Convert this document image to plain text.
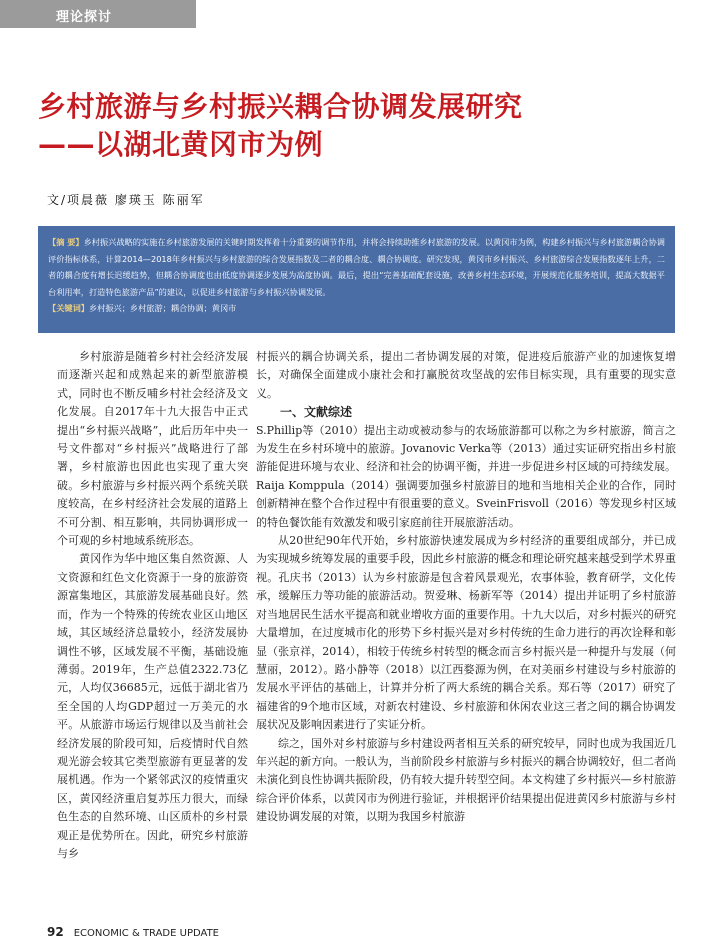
理论探讨
乡村旅游与乡村振兴耦合协调发展研究
——以湖北黄冈市为例
文/项晨薇 廖瑛玉 陈丽军

【摘 要】乡村振兴战略的实施在乡村旅游发展的关键时期发挥着十分重要的调节作用，并将会持续助推乡村旅游的发展。以黄冈市为例，构建乡村振兴与乡村旅游耦合协调评价指标体系，计算2014—2018年乡村振兴与乡村旅游的综合发展指数及二者的耦合度、耦合协调度。研究发现，黄冈市乡村振兴、乡村旅游综合发展指数逐年上升，二者的耦合度有增长迟缓趋势，但耦合协调度也由低度协调逐步发展为高度协调。最后，提出“完善基础配套设施，改善乡村生态环境，开展规范化服务培训，提高大数据平台利用率，打造特色旅游产品”的建议，以促进乡村旅游与乡村振兴协调发展。

【关键词】乡村振兴；乡村旅游；耦合协调；黄冈市

乡村旅游是随着乡村社会经济发展而逐渐兴起和成熟起来的新型旅游模式，同时也不断反哺乡村社会经济及文化发展。自2017年十九大报告中正式提出“乡村振兴战略”，此后历年中央一号文件都对“乡村振兴”战略进行了部署，乡村旅游也因此也实现了重大突破。乡村旅游与乡村振兴两个系统关联度较高，在乡村经济社会发展的道路上不可分割、相互影响，共同协调形成一个可观的乡村地域系统形态。

黄冈作为华中地区集自然资源、人文资源和红色文化资源于一身的旅游资源富集地区，其旅游发展基础良好。然而，作为一个特殊的传统农业区山地区域，其区域经济总量较小，经济发展协调性不够，区域发展不平衡，基础设施薄弱。2019年，生产总值2322.73亿元，人均仅36685元，远低于湖北省乃至全国的人均GDP超过一万美元的水平。从旅游市场运行规律以及当前社会经济发展的阶段可知，后疫情时代自然观光游会较其它类型旅游有更显著的发展机遇。作为一个紧邻武汉的疫情重灾区，黄冈经济重启复苏压力很大，而绿色生态的自然环境、山区质朴的乡村景观正是优势所在。因此，研究乡村旅游与乡

村振兴的耦合协调关系，提出二者协调发展的对策，促进疫后旅游产业的加速恢复增长，对确保全面建成小康社会和打赢脱贫攻坚战的宏伟目标实现，具有重要的现实意义。

一、文献综述

S.Phillip等（2010）提出主动或被动参与的农场旅游都可以称之为乡村旅游，简言之为发生在乡村环境中的旅游。Jovanovic Verka等（2013）通过实证研究指出乡村旅游能促进环境与农业、经济和社会的协调平衡，并进一步促进乡村区域的可持续发展。Raija Komppula（2014）强调要加强乡村旅游目的地和当地相关企业的合作，同时创新精神在整个合作过程中有很重要的意义。SveinFrisvoll（2016）等发现乡村区域的特色餐饮能有效激发和吸引家庭前往开展旅游活动。

从20世纪90年代开始，乡村旅游快速发展成为乡村经济的重要组成部分，并已成为实现城乡统筹发展的重要手段，因此乡村旅游的概念和理论研究越来越受到学术界重视。孔庆书（2013）认为乡村旅游是包含着风景观光，农事体验，教育研学，文化传承，缓解压力等功能的旅游活动。贺爱琳、杨新军等（2014）提出并证明了乡村旅游对当地居民生活水平提高和就业增收方面的重要作用。十九大以后，对乡村振兴的研究大量增加，在过度城市化的形势下乡村振兴是对乡村传统的生命力进行的再次诠释和彰显（张京祥，2014），相较于传统乡村转型的概念而言乡村振兴是一种提升与发展（何慧丽，2012）。路小静等（2018）以江西婺源为例，在对美丽乡村建设与乡村旅游的发展水平评估的基础上，计算并分析了两大系统的耦合关系。郑石等（2017）研究了福建省的9个地市区域，对新农村建设、乡村旅游和休闲农业这三者之间的耦合协调发展状况及影响因素进行了实证分析。

综之，国外对乡村旅游与乡村建设两者相互关系的研究较早，同时也成为我国近几年兴起的新方向。一般认为，当前阶段乡村旅游与乡村振兴的耦合协调较好，但二者尚未演化到良性协调共振阶段，仍有较大提升转型空间。本文构建了乡村振兴—乡村旅游综合评价体系，以黄冈市为例进行验证，并根据评价结果提出促进黄冈乡村旅游与乡村建设协调发展的对策，以期为我国乡村旅游

92 ECONOMIC & TRADE UPDATE
